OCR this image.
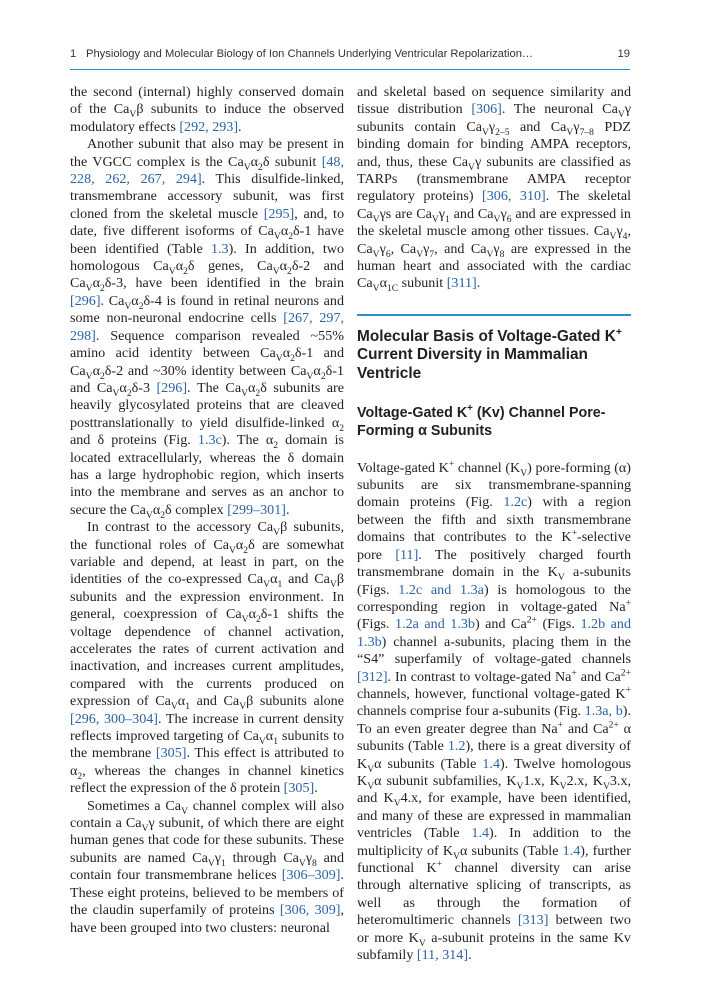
1 Physiology and Molecular Biology of Ion Channels Underlying Ventricular Repolarization…	19

the second (internal) highly conserved domain of the $Ca_V\beta$ subunits to induce the observed modulatory effects [292, 293].

Another subunit that also may be present in the VGCC complex is the $Ca_V\alpha_2\delta$ subunit [48, 228, 262, 267, 294]. This disulfide-linked, transmembrane accessory subunit, was first cloned from the skeletal muscle [295], and, to date, five different isoforms of $Ca_V\alpha_2\delta-1$ have been identified (Table 1.3). In addition, two homologous $Ca_V\alpha_2\delta$ genes, $Ca_V\alpha_2\delta-2$ and $Ca_V\alpha_2\delta-3$, have been identified in the brain [296]. $Ca_V\alpha_2\delta-4$ is found in retinal neurons and some non-neuronal endocrine cells [267, 297, 298]. Sequence comparison revealed ~55% amino acid identity between $Ca_V\alpha_2\delta-1$ and $Ca_V\alpha_2\delta-2$ and ~30% identity between $Ca_V\alpha_2\delta-1$ and $Ca_V\alpha_2\delta-3$ [296]. The $Ca_V\alpha_2\delta$ subunits are heavily glycosylated proteins that are cleaved posttranslationally to yield disulfide-linked $\alpha_2$ and δ proteins (Fig. 1.3c). The $\alpha_2$ domain is located extracellularly, whereas the δ domain has a large hydrophobic region, which inserts into the membrane and serves as an anchor to secure the $Ca_V\alpha_2\delta$ complex [299–301].

In contrast to the accessory $Ca_V\beta$ subunits, the functional roles of $Ca_V\alpha_2\delta$ are somewhat variable and depend, at least in part, on the identities of the co-expressed $Ca_V\alpha_1$ and $Ca_V\beta$ subunits and the expression environment. In general, coexpression of $Ca_V\alpha_2\delta-1$ shifts the voltage dependence of channel activation, accelerates the rates of current activation and inactivation, and increases current amplitudes, compared with the currents produced on expression of $Ca_V\alpha_1$ and $Ca_V\beta$ subunits alone [296, 300–304]. The increase in current density reflects improved targeting of $Ca_V\alpha_1$ subunits to the membrane [305]. This effect is attributed to $\alpha_2$, whereas the changes in channel kinetics reflect the expression of the δ protein [305].

Sometimes a $Ca_V$ channel complex will also contain a $Ca_V\gamma$ subunit, of which there are eight human genes that code for these subunits. These subunits are named $Ca_V\gamma_1$ through $Ca_V\gamma_8$ and contain four transmembrane helices [306–309]. These eight proteins, believed to be members of the claudin superfamily of proteins [306, 309], have been grouped into two clusters: neuronal

and skeletal based on sequence similarity and tissue distribution [306]. The neuronal $Ca_V\gamma$ subunits contain $Ca_V\gamma_{2-5}$ and $Ca_V\gamma_{7-8}$ PDZ binding domain for binding AMPA receptors, and, thus, these $Ca_V\gamma$ subunits are classified as TARPs (transmembrane AMPA receptor regulatory proteins) [306, 310]. The skeletal $Ca_V\gamma s$ are $Ca_V\gamma_1$ and $Ca_V\gamma_6$ and are expressed in the skeletal muscle among other tissues. $Ca_V\gamma_4$, $Ca_V\gamma_6$, $Ca_V\gamma_7$, and $Ca_V\gamma_8$ are expressed in the human heart and associated with the cardiac $Ca_V\alpha_{1C}$ subunit [311].

Molecular Basis of Voltage-Gated K+ Current Diversity in Mammalian Ventricle
Voltage-Gated K+ (Kv) Channel Pore-Forming α Subunits

Voltage-gated K+ channel $(K_V)$ pore-forming (α) subunits are six transmembrane-spanning domain proteins (Fig. 1.2c) with a region between the fifth and sixth transmembrane domains that contributes to the K+-selective pore [11]. The positively charged fourth transmembrane domain in the $K_V$ a-subunits (Figs. 1.2c and 1.3a) is homologous to the corresponding region in voltage-gated Na+ (Figs. 1.2a and 1.3b) and $Ca^{2+}$ (Figs. 1.2b and 1.3b) channel a-subunits, placing them in the “S4” superfamily of voltage-gated channels [312]. In contrast to voltage-gated Na+ and $Ca^{2+}$ channels, however, functional voltage-gated K+ channels comprise four a-subunits (Fig. 1.3a, b). To an even greater degree than Na+ and $Ca^{2+}$ α subunits (Table 1.2), there is a great diversity of $K_V\alpha$ subunits (Table 1.4). Twelve homologous $K_V\alpha$ subunit subfamilies, $K_V1.x$, $K_V2.x$, $K_V3.x$, and $K_V4.x$, for example, have been identified, and many of these are expressed in mammalian ventricles (Table 1.4). In addition to the multiplicity of $K_V\alpha$ subunits (Table 1.4), further functional K+ channel diversity can arise through alternative splicing of transcripts, as well as through the formation of heteromultimeric channels [313] between two or more $K_V$ a-subunit proteins in the same Kv subfamily [11, 314].
